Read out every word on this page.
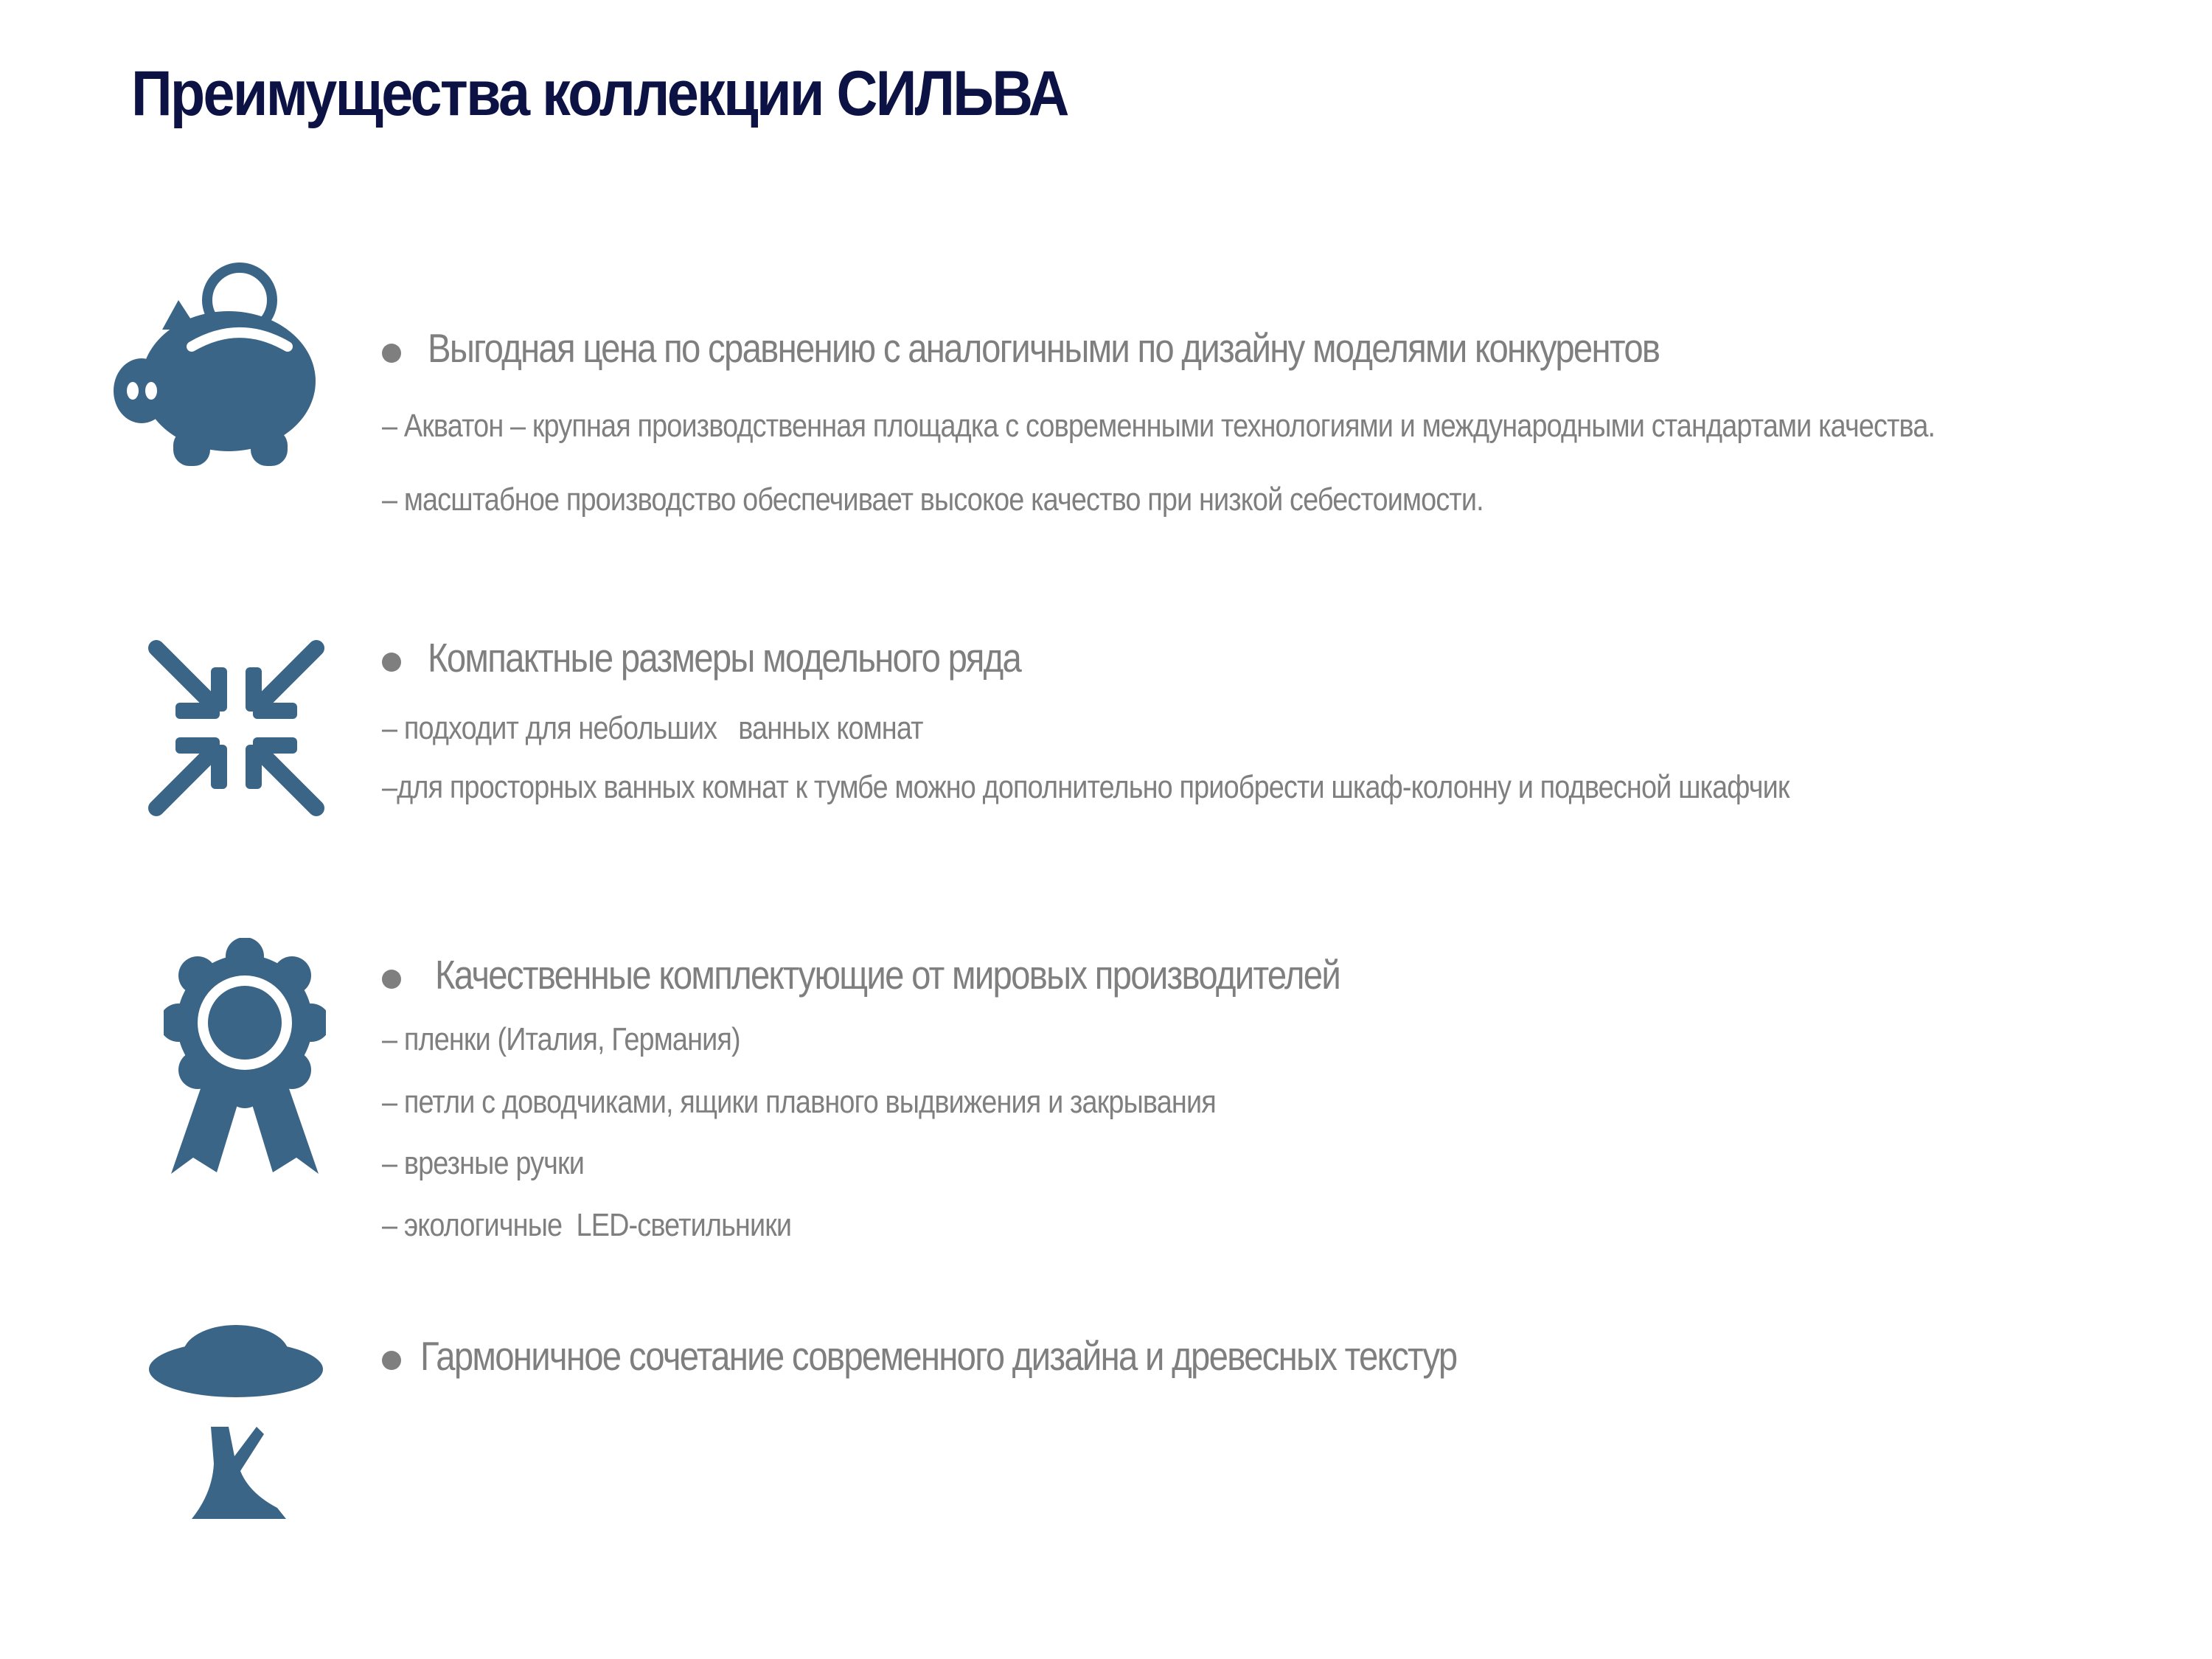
Преимущества коллекции СИЛЬВА
Выгодная цена по сравнению с аналогичными по дизайну моделями конкурентов
– Акватон – крупная производственная площадка с современными технологиями и международными стандартами качества.
– масштабное производство обеспечивает высокое качество при низкой себестоимости.
Компактные размеры модельного ряда
– подходит для небольших   ванных комнат
–для просторных ванных комнат к тумбе можно дополнительно приобрести шкаф-колонну и подвесной шкафчик
Качественные комплектующие от мировых производителей
– пленки (Италия, Германия)
– петли с доводчиками, ящики плавного выдвижения и закрывания
– врезные ручки
– экологичные  LED-светильники
Гармоничное сочетание современного дизайна и древесных текстур
